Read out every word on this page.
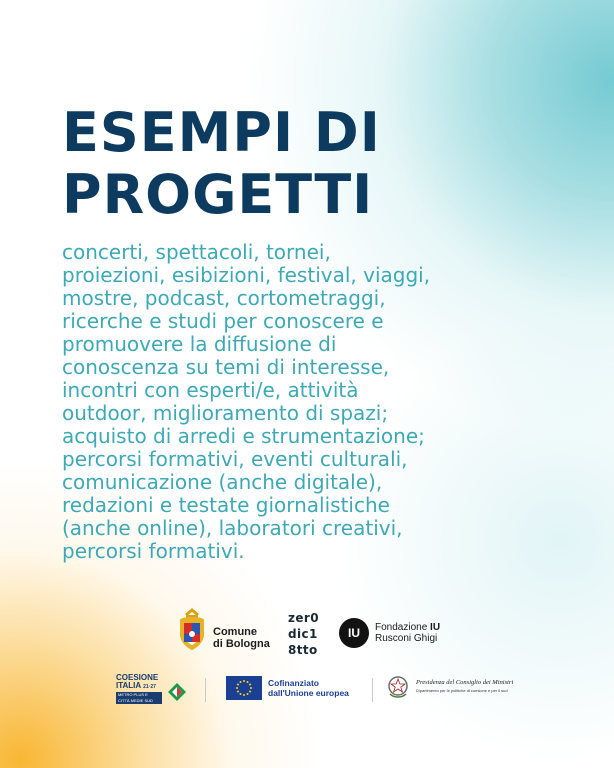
ESEMPI DI
PROGETTI

concerti, spettacoli, tornei,
proiezioni, esibizioni, festival, viaggi,
mostre, podcast, cortometraggi,
ricerche e studi per conoscere e
promuovere la diffusione di
conoscenza su temi di interesse,
incontri con esperti/e, attività
outdoor, miglioramento di spazi;
acquisto di arredi e strumentazione;
percorsi formativi, eventi culturali,
comunicazione (anche digitale),
redazioni e testate giornalistiche
(anche online), laboratori creativi,
percorsi formativi.

Comune
di Bologna
zer0
dic1
8tto
IU	Fondazione IU
Rusconi Ghigi
COESIONE
ITALIA 21·27
METRO PLUS E
CITTÀ MEDIE SUD
Cofinanziato
dall'Unione europea
Presidenza del Consiglio dei Ministri
Dipartimento per le politiche di coesione e per il sud
